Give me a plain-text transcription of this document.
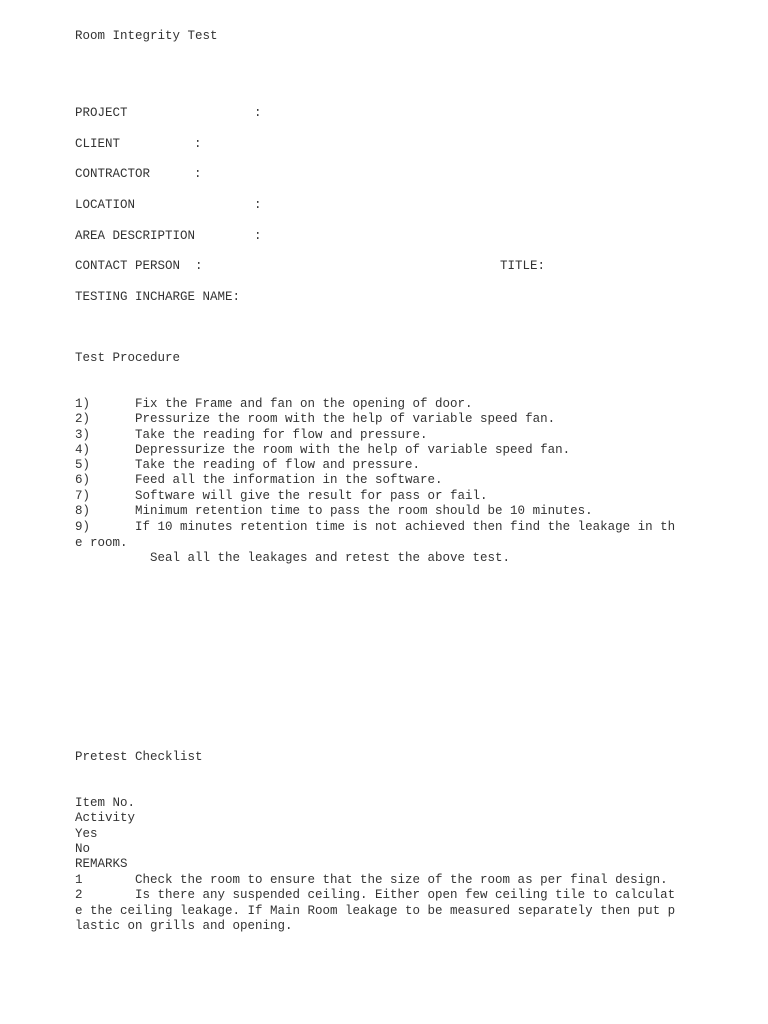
Room Integrity Test
PROJECT	:
CLIENT	:
CONTRACTOR	:
LOCATION	:
AREA DESCRIPTION	:
CONTACT PERSON :	TITLE:
TESTING INCHARGE NAME:
Test Procedure
1)	Fix the Frame and fan on the opening of door.
2)	Pressurize the room with the help of variable speed fan.
3)	Take the reading for flow and pressure.
4)	Depressurize the room with the help of variable speed fan.
5)	Take the reading of flow and pressure.
6)	Feed all the information in the software.
7)	Software will give the result for pass or fail.
8)	Minimum retention time to pass the room should be 10 minutes.
9)	If 10 minutes retention time is not achieved then find the leakage in th
e room.
Seal all the leakages and retest the above test.
Pretest Checklist
Item No.
Activity
Yes
No
REMARKS
1	Check the room to ensure that the size of the room as per final design.
2	Is there any suspended ceiling. Either open few ceiling tile to calculat
e the ceiling leakage. If Main Room leakage to be measured separately then put p
lastic on grills and opening.
